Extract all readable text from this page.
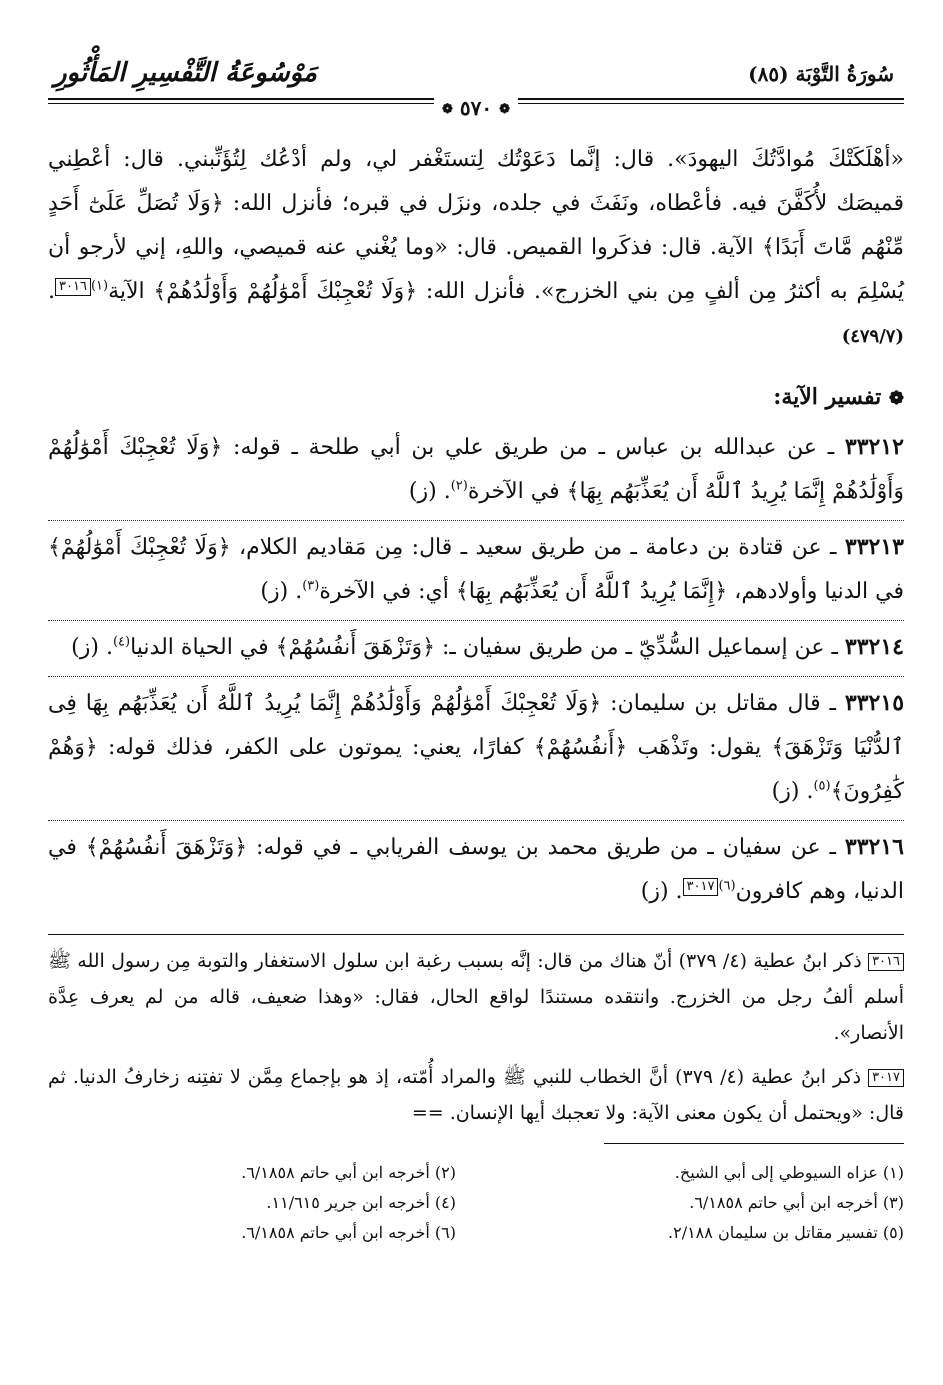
سُورَةُ التَّوْبَة (٨٥)
مَوْسُوعَةُ التَّفْسِيرِ المَأْثُورِ
❁ ٥٧٠ ❁

«أهْلَكَتْكَ مُوادَّتُكَ اليهودَ». قال: إنَّما دَعَوْتُك لِتستَغْفر لي، ولم أدْعُك لِتُؤَنِّبني. قال: أعْطِني قميصَك لأُكَفَّنَ فيه. فأعْطاه، ونَفَثَ في جلده، ونزَل في قبره؛ فأنزل الله: ﴿وَلَا تُصَلِّ عَلَىٰٓ أَحَدٍ مِّنْهُم مَّاتَ أَبَدًا﴾ الآية. قال: فذكَروا القميص. قال: «وما يُغْني عنه قميصي، واللهِ، إني لأرجو أن يُسْلِمَ به أكثرُ مِن ألفٍ مِن بني الخزرج». فأنزل الله: ﴿وَلَا تُعْجِبْكَ أَمْوَٰلُهُمْ وَأَوْلَٰدُهُمْ﴾ الآية$^{(١)}$٣٠١٦. (٤٧٩/٧)

❁ تفسير الآية:
٣٣٢١٢ ـ عن عبدالله بن عباس ـ من طريق علي بن أبي طلحة ـ قوله: ﴿وَلَا تُعْجِبْكَ أَمْوَٰلُهُمْ وَأَوْلَٰدُهُمْ إِنَّمَا يُرِيدُ ٱللَّهُ أَن يُعَذِّبَهُم بِهَا﴾ في الآخرة$^{(٢)}$. (ز)
٣٣٢١٣ ـ عن قتادة بن دعامة ـ من طريق سعيد ـ قال: مِن مَقاديم الكلام، ﴿وَلَا تُعْجِبْكَ أَمْوَٰلُهُمْ﴾ في الدنيا وأولادهم، ﴿إِنَّمَا يُرِيدُ ٱللَّهُ أَن يُعَذِّبَهُم بِهَا﴾ أي: في الآخرة$^{(٣)}$. (ز)
٣٣٢١٤ ـ عن إسماعيل السُّدِّيّ ـ من طريق سفيان ـ: ﴿وَتَزْهَقَ أَنفُسُهُمْ﴾ في الحياة الدنيا$^{(٤)}$. (ز)
٣٣٢١٥ ـ قال مقاتل بن سليمان: ﴿وَلَا تُعْجِبْكَ أَمْوَٰلُهُمْ وَأَوْلَٰدُهُمْ إِنَّمَا يُرِيدُ ٱللَّهُ أَن يُعَذِّبَهُم بِهَا فِى ٱلدُّنْيَا وَتَزْهَقَ﴾ يقول: وتَذْهَب ﴿أَنفُسُهُمْ﴾ كفارًا، يعني: يموتون على الكفر، فذلك قوله: ﴿وَهُمْ كَٰفِرُونَ﴾$^{(٥)}$. (ز)
٣٣٢١٦ ـ عن سفيان ـ من طريق محمد بن يوسف الفريابي ـ في قوله: ﴿وَتَزْهَقَ أَنفُسُهُمْ﴾ في الدنيا، وهم كافرون$^{(٦)}$٣٠١٧. (ز)
٣٠١٦ ذكر ابنُ عطية (٤/ ٣٧٩) أنّ هناك من قال: إنَّه بسبب رغبة ابن سلول الاستغفار والتوبة مِن رسول الله ﷺ أسلم ألفُ رجل من الخزرج. وانتقده مستندًا لواقع الحال، فقال: «وهذا ضعيف، قاله من لم يعرف عِدَّة الأنصار».
٣٠١٧ ذكر ابنُ عطية (٤/ ٣٧٩) أنَّ الخطاب للنبي ﷺ والمراد أُمّته، إذ هو بإجماع مِمَّن لا تفتِنه زخارفُ الدنيا. ثم قال: «ويحتمل أن يكون معنى الآية: ولا تعجبك أيها الإنسان. ==
(١) عزاه السيوطي إلى أبي الشيخ.
(٢) أخرجه ابن أبي حاتم ٦/١٨٥٨.
(٣) أخرجه ابن أبي حاتم ٦/١٨٥٨.
(٤) أخرجه ابن جرير ١١/٦١٥.
(٥) تفسير مقاتل بن سليمان ٢/١٨٨.
(٦) أخرجه ابن أبي حاتم ٦/١٨٥٨.
